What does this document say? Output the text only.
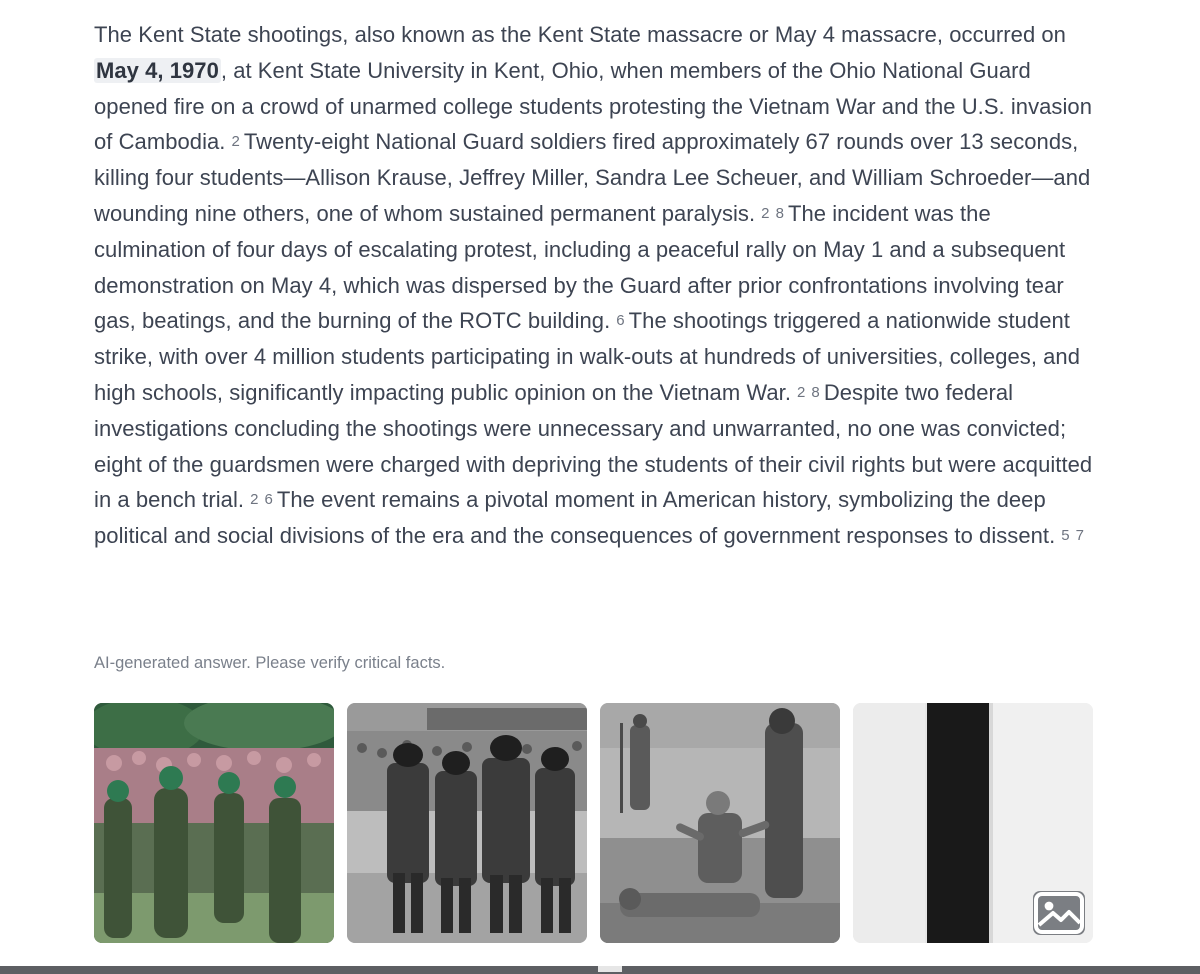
The Kent State shootings, also known as the Kent State massacre or May 4 massacre, occurred on May 4, 1970, at Kent State University in Kent, Ohio, when members of the Ohio National Guard opened fire on a crowd of unarmed college students protesting the Vietnam War and the U.S. invasion of Cambodia. 2 Twenty-eight National Guard soldiers fired approximately 67 rounds over 13 seconds, killing four students—Allison Krause, Jeffrey Miller, Sandra Lee Scheuer, and William Schroeder—and wounding nine others, one of whom sustained permanent paralysis. 2 8 The incident was the culmination of four days of escalating protest, including a peaceful rally on May 1 and a subsequent demonstration on May 4, which was dispersed by the Guard after prior confrontations involving tear gas, beatings, and the burning of the ROTC building. 6 The shootings triggered a nationwide student strike, with over 4 million students participating in walk-outs at hundreds of universities, colleges, and high schools, significantly impacting public opinion on the Vietnam War. 2 8 Despite two federal investigations concluding the shootings were unnecessary and unwarranted, no one was convicted; eight of the guardsmen were charged with depriving the students of their civil rights but were acquitted in a bench trial. 2 6 The event remains a pivotal moment in American history, symbolizing the deep political and social divisions of the era and the consequences of government responses to dissent. 5 7

AI-generated answer. Please verify critical facts.
